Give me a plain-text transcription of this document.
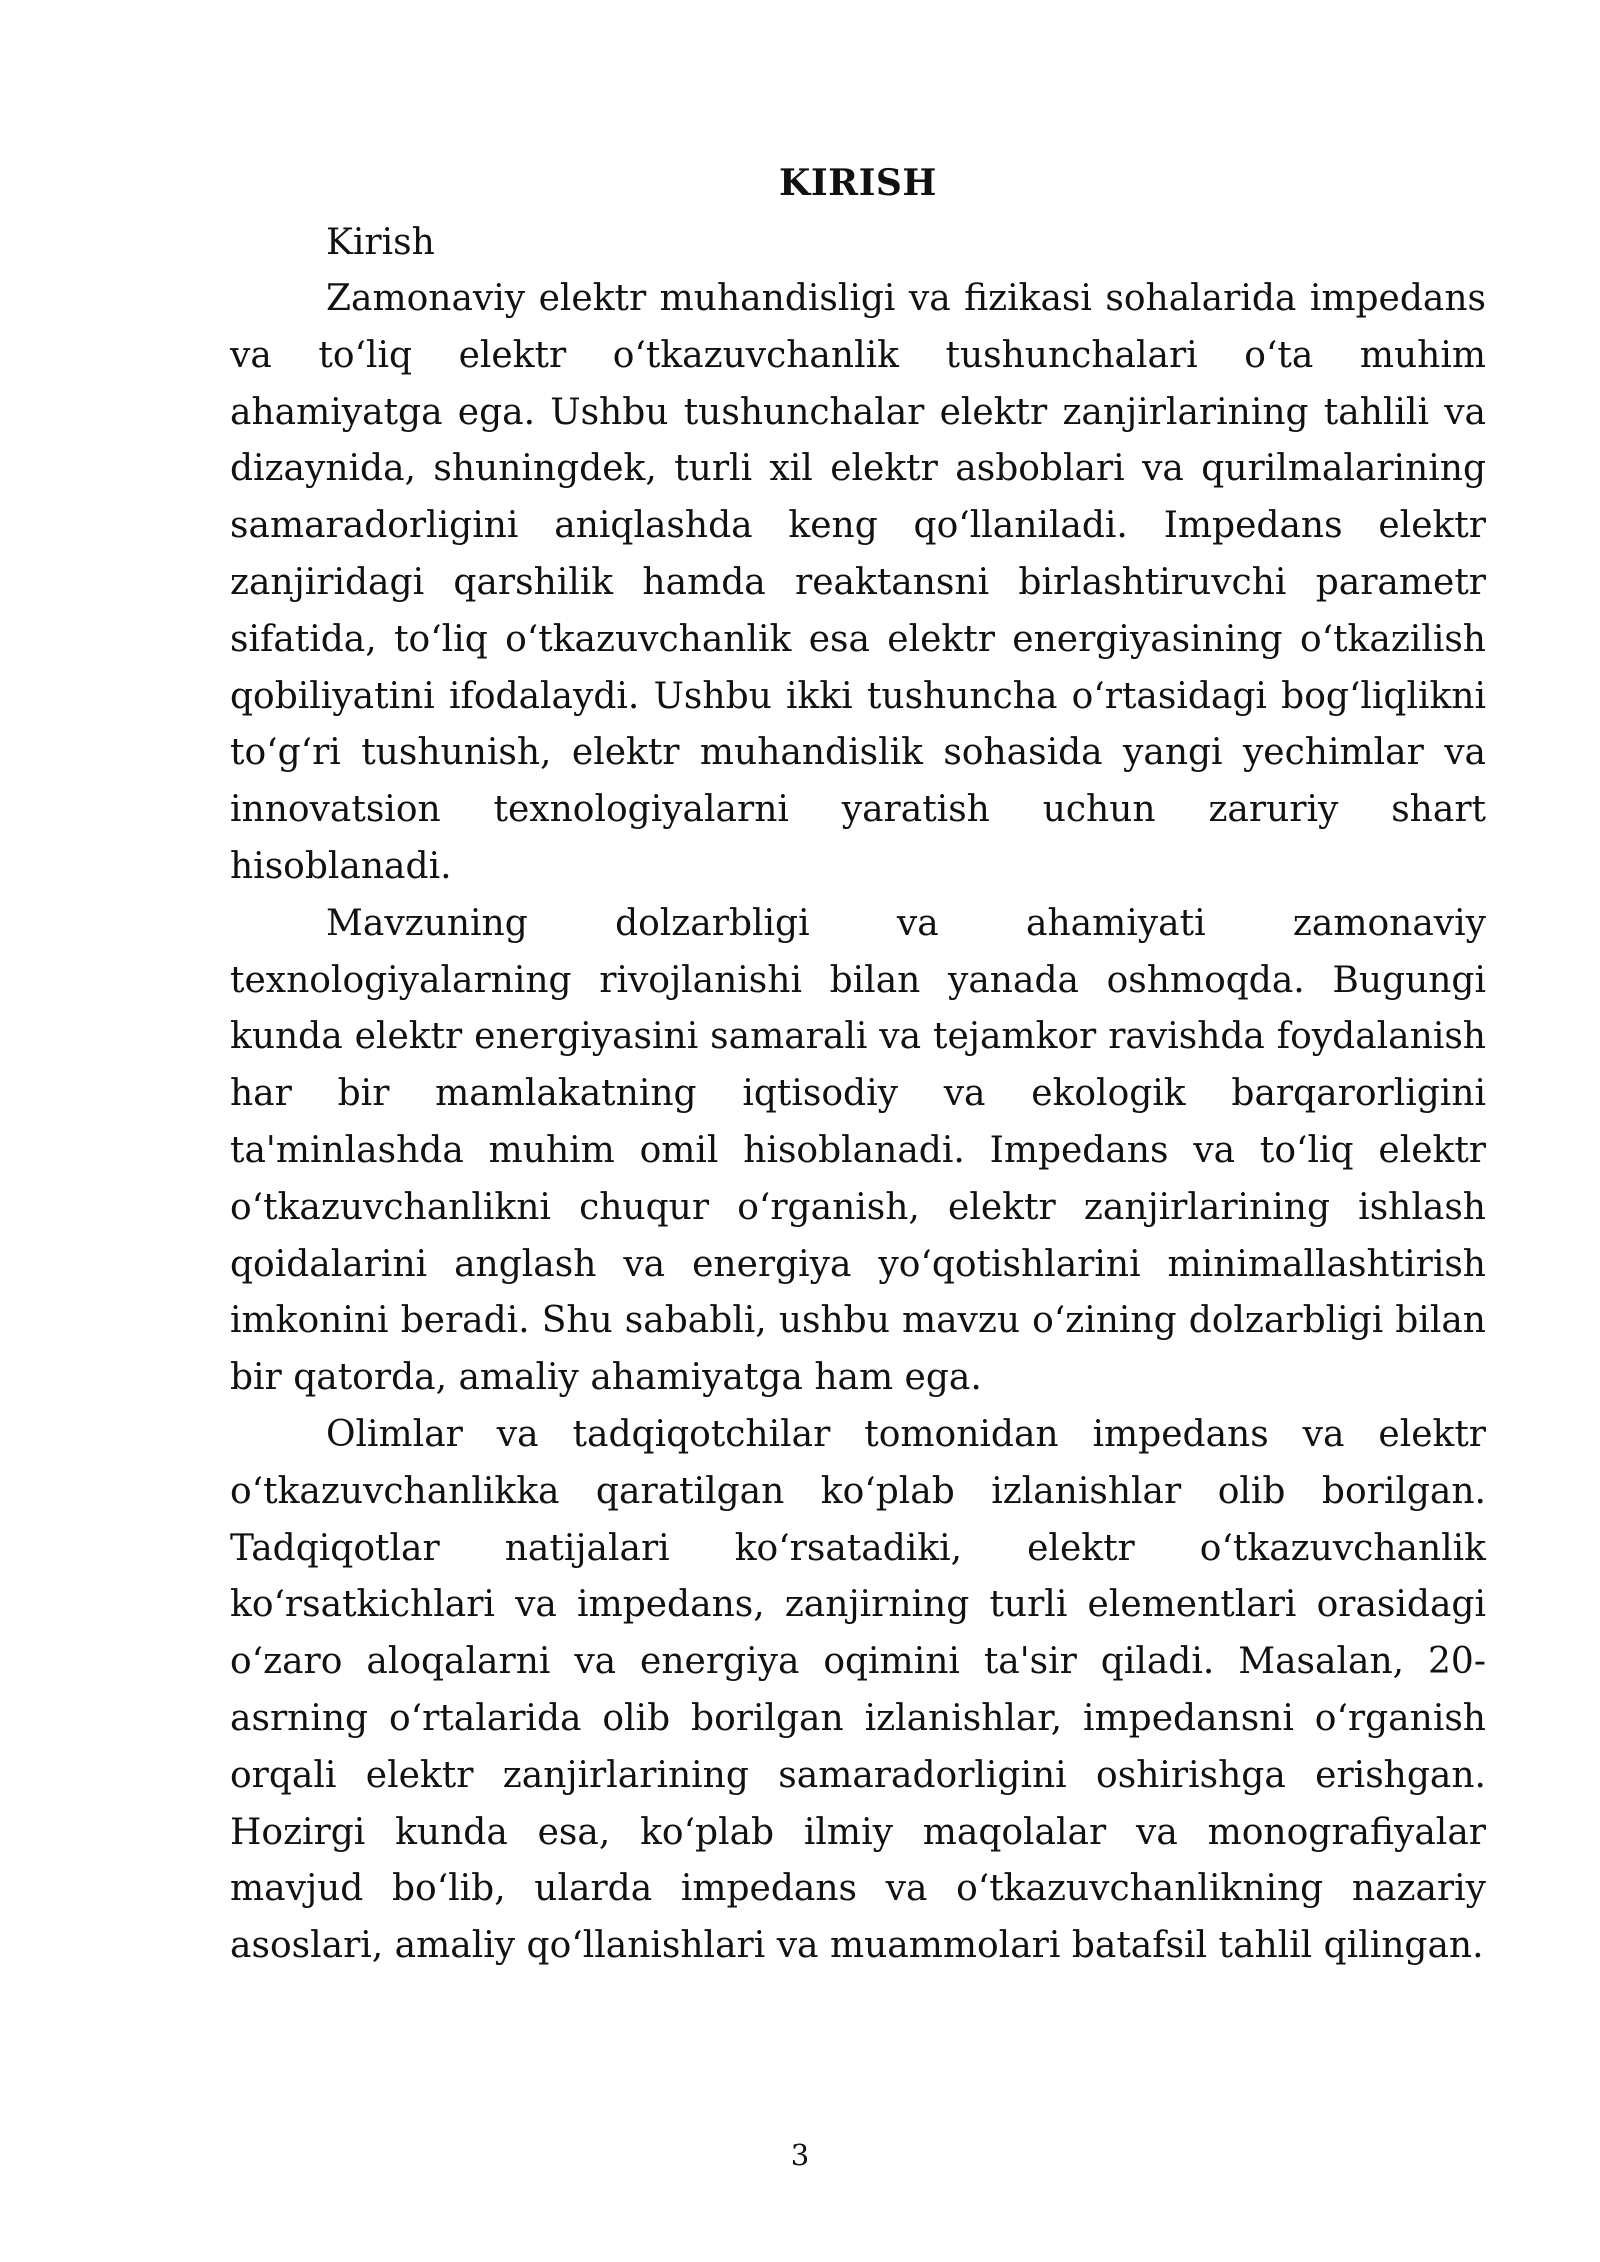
KIRISH

Kirish

Zamonaviy elektr muhandisligi va fizikasi sohalarida impedans va toʻliq elektr oʻtkazuvchanlik tushunchalari oʻta muhim ahamiyatga ega. Ushbu tushunchalar elektr zanjirlarining tahlili va dizaynida, shuningdek, turli xil elektr asboblari va qurilmalarining samaradorligini aniqlashda keng qoʻllaniladi. Impedans elektr zanjiridagi qarshilik hamda reaktansni birlashtiruvchi parametr sifatida, toʻliq oʻtkazuvchanlik esa elektr energiyasining oʻtkazilish qobiliyatini ifodalaydi. Ushbu ikki tushuncha oʻrtasidagi bogʻliqlikni toʻgʻri tushunish, elektr muhandislik sohasida yangi yechimlar va innovatsion texnologiyalarni yaratish uchun zaruriy shart hisoblanadi.

Mavzuning dolzarbligi va ahamiyati zamonaviy texnologiyalarning rivojlanishi bilan yanada oshmoqda. Bugungi kunda elektr energiyasini samarali va tejamkor ravishda foydalanish har bir mamlakatning iqtisodiy va ekologik barqarorligini ta'minlashda muhim omil hisoblanadi. Impedans va toʻliq elektr oʻtkazuvchanlikni chuqur oʻrganish, elektr zanjirlarining ishlash qoidalarini anglash va energiya yoʻqotishlarini minimallashtirish imkonini beradi. Shu sababli, ushbu mavzu oʻzining dolzarbligi bilan bir qatorda, amaliy ahamiyatga ham ega.

Olimlar va tadqiqotchilar tomonidan impedans va elektr oʻtkazuvchanlikka qaratilgan koʻplab izlanishlar olib borilgan. Tadqiqotlar natijalari koʻrsatadiki, elektr oʻtkazuvchanlik koʻrsatkichlari va impedans, zanjirning turli elementlari orasidagi oʻzaro aloqalarni va energiya oqimini ta'sir qiladi. Masalan, 20-asrning oʻrtalarida olib borilgan izlanishlar, impedansni oʻrganish orqali elektr zanjirlarining samaradorligini oshirishga erishgan. Hozirgi kunda esa, koʻplab ilmiy maqolalar va monografiyalar mavjud boʻlib, ularda impedans va oʻtkazuvchanlikning nazariy asoslari, amaliy qoʻllanishlari va muammolari batafsil tahlil qilingan.

3
